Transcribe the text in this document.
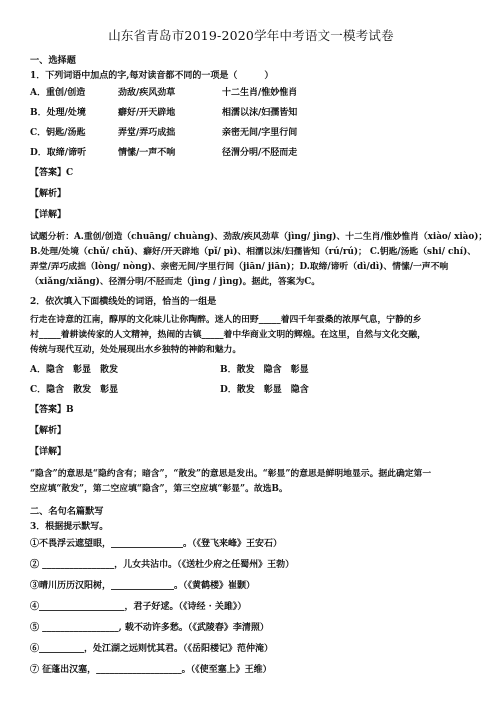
山东省青岛市2019-2020学年中考语文一模考试卷
一、选择题
1．下列词语中加点的字,每对读音都不同的一项是（　　　）
A．重创/创造	劲敌/疾风劲草	十二生肖/惟妙惟肖
B．处理/处境	癖好/开天辟地	相濡以沫/妇孺皆知
C．钥匙/汤匙	弄堂/弄巧成拙	亲密无间/字里行间
D．取缔/谛听	情愫/一声不响	径渭分明/不胫而走
【答案】C
【解析】
【详解】
试题分析：A.重创/创造（chuāng/ chuàng)、劲敌/疾风劲草（jìng/ jìng)、十二生肖/惟妙惟肖（xiào/ xiào)；
B.处理/处境（chǔ/ chǔ)、癖好/开天辟地（pǐ/ pì)、相濡以沫/妇孺皆知（rú/rú)； C.钥匙/汤匙（shi/ chí)、
弄堂/弄巧成拙（lòng/ nòng)、亲密无间/字里行间（jiān/ jiān)；D.取缔/谛听（dì/dì)、情愫/一声不响
（xiǎng/xiǎng)、径渭分明/不胫而走（jìng / jìng)。据此，答案为C。
2．依次填入下面横线处的词语，恰当的一组是
行走在诗意的江南，醇厚的文化味儿让你陶醉。迷人的田野_____着四千年蚕桑的浓厚气息，宁静的乡
村_____着耕读传家的人文精神，热闹的古镇_____着中华商业文明的辉煌。在这里，自然与文化交融，
传统与现代互动，处处展现出水乡独特的神韵和魅力。
A．隐含　彰显　散发	B．散发　隐含　彰显
C．隐含　散发　彰显	D．散发　彰显　隐含
【答案】B
【解析】
【详解】
“隐含”的意思是“隐约含有；暗含”，“散发”的意思是发出。“彰显”的意思是鲜明地显示。据此确定第一
空应填“散发”，第二空应填“隐含”，第三空应填“彰显”。故选B。
二、名句名篇默写
3．根据提示默写。
①不畏浮云遮望眼，________________。（《登飞来峰》王安石）
② ________________，儿女共沾巾。（《送杜少府之任蜀州》王勃）
③晴川历历汉阳树，______________。（《黄鹤楼》崔颢）
④___________________，君子好逑。（《诗经 · 关雎》）
⑤ _________________, 载不动许多愁。（《武陵春》李清照）
⑥__________，处江湖之远则忧其君。（《岳阳楼记》范仲淹）
⑦ 征蓬出汉塞，___________________。（《使至塞上》王维）
